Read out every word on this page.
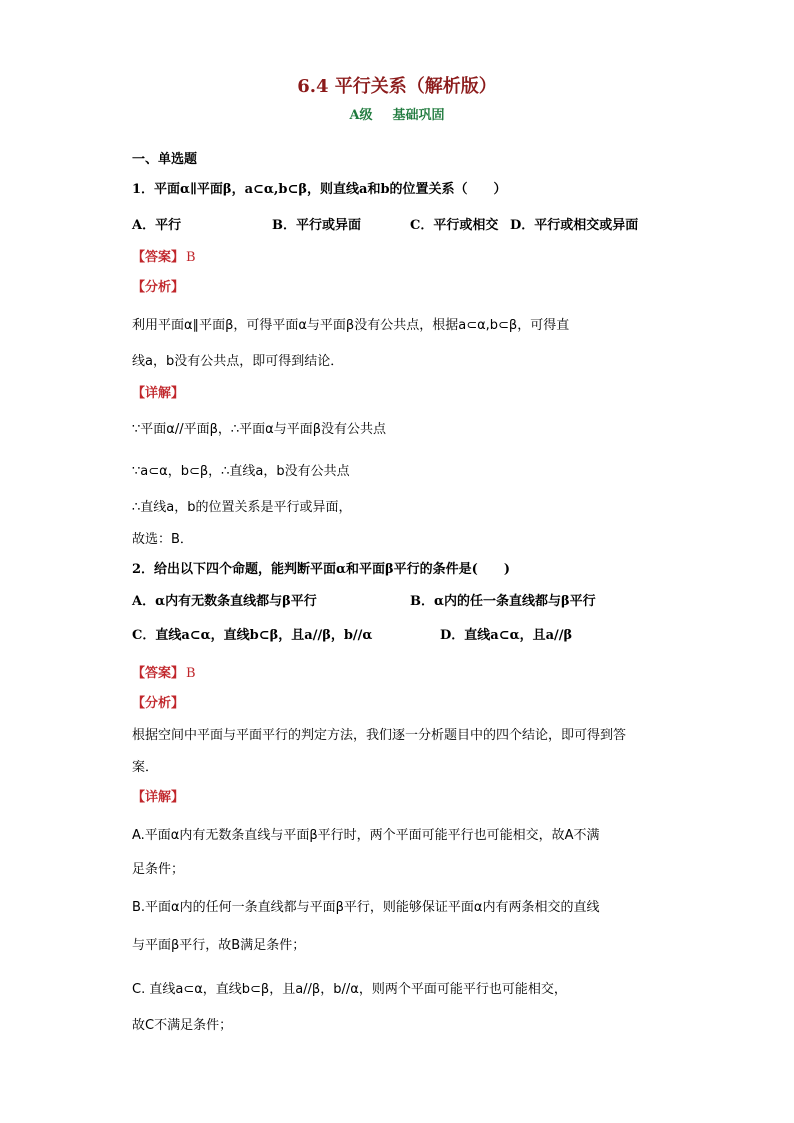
6.4 平行关系（解析版）
A级 基础巩固
一、单选题
1．平面α∥平面β，a⊂α,b⊂β，则直线a和b的位置关系（　　）
A．平行	B．平行或异面	C．平行或相交 D．平行或相交或异面
【答案】 B
【分析】
利用平面α∥平面β，可得平面α与平面β没有公共点，根据a⊂α,b⊂β，可得直
线a，b没有公共点，即可得到结论．
【详解】
∵平面α//平面β，∴平面α与平面β没有公共点
∵a⊂α，b⊂β，∴直线a，b没有公共点
∴直线a，b的位置关系是平行或异面，
故选：B．
2．给出以下四个命题，能判断平面α和平面β平行的条件是(　　)
A．α内有无数条直线都与β平行	B．α内的任一条直线都与β平行
C．直线a⊂α，直线b⊂β，且a//β，b//α	D．直线a⊂α，且a//β
【答案】 B
【分析】
根据空间中平面与平面平行的判定方法，我们逐一分析题目中的四个结论，即可得到答
案．
【详解】
A.平面α内有无数条直线与平面β平行时，两个平面可能平行也可能相交，故A不满
足条件；
B.平面α内的任何一条直线都与平面β平行，则能够保证平面α内有两条相交的直线
与平面β平行，故B满足条件；
C. 直线a⊂α，直线b⊂β，且a//β，b//α，则两个平面可能平行也可能相交，
故C不满足条件；
